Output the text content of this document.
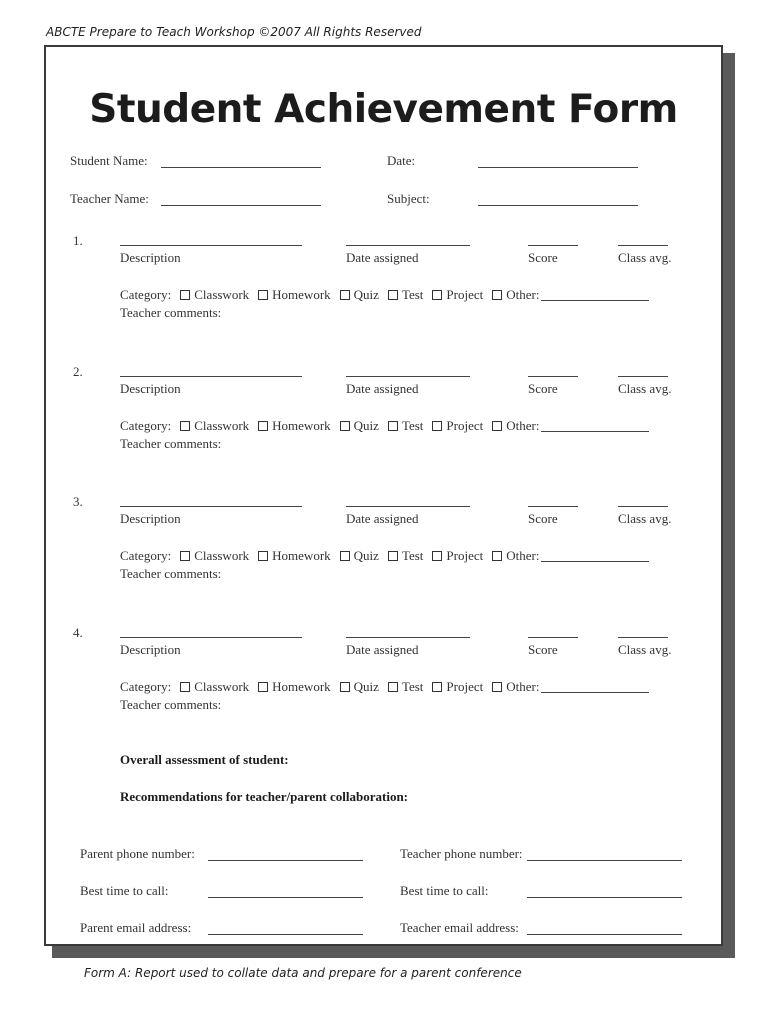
ABCTE Prepare to Teach Workshop ©2007 All Rights Reserved
Student Achievement Form
Student Name:	Date:
Teacher Name:	Subject:
1.
Description	Date assigned	Score	Class avg.
Category: Classwork Homework Quiz Test Project Other:
Teacher comments:
2.
Description	Date assigned	Score	Class avg.
Category: Classwork Homework Quiz Test Project Other:
Teacher comments:
3.
Description	Date assigned	Score	Class avg.
Category: Classwork Homework Quiz Test Project Other:
Teacher comments:
4.
Description	Date assigned	Score	Class avg.
Category: Classwork Homework Quiz Test Project Other:
Teacher comments:
Overall assessment of student:
Recommendations for teacher/parent collaboration:
Parent phone number:	Teacher phone number:
Best time to call:	Best time to call:
Parent email address:	Teacher email address:
Form A: Report used to collate data and prepare for a parent conference
